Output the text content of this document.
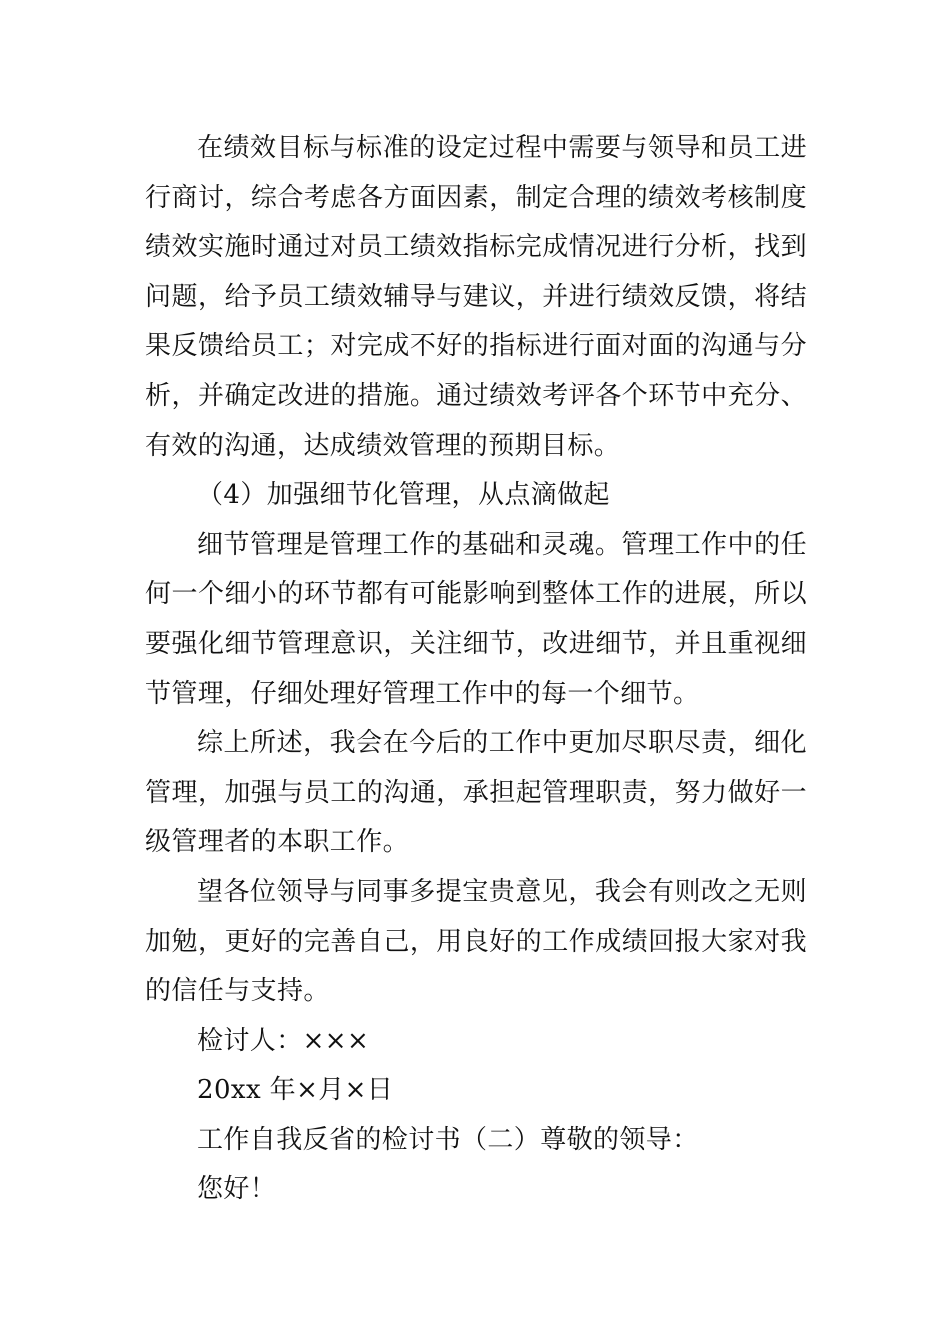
在绩效目标与标准的设定过程中需要与领导和员工进行商讨，综合考虑各方面因素，制定合理的绩效考核制度绩效实施时通过对员工绩效指标完成情况进行分析，找到问题，给予员工绩效辅导与建议，并进行绩效反馈，将结果反馈给员工；对完成不好的指标进行面对面的沟通与分析，并确定改进的措施。通过绩效考评各个环节中充分、有效的沟通，达成绩效管理的预期目标。

（4）加强细节化管理，从点滴做起

细节管理是管理工作的基础和灵魂。管理工作中的任何一个细小的环节都有可能影响到整体工作的进展，所以要强化细节管理意识，关注细节，改进细节，并且重视细节管理，仔细处理好管理工作中的每一个细节。

综上所述，我会在今后的工作中更加尽职尽责，细化管理，加强与员工的沟通，承担起管理职责，努力做好一级管理者的本职工作。

望各位领导与同事多提宝贵意见，我会有则改之无则加勉，更好的完善自己，用良好的工作成绩回报大家对我的信任与支持。

检讨人：×××

20xx 年×月×日

工作自我反省的检讨书（二）尊敬的领导：

您好！
